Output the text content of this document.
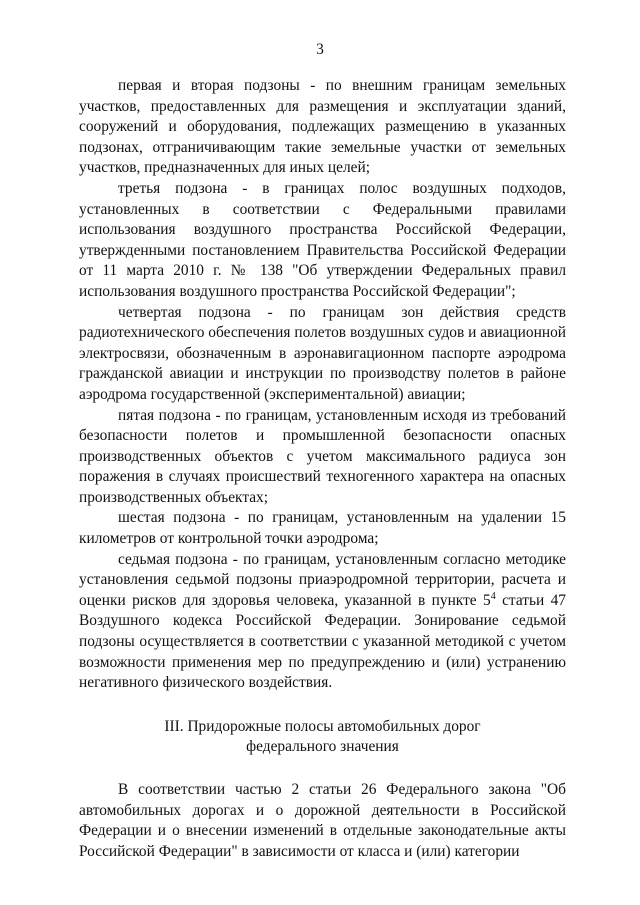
3

первая и вторая подзоны - по внешним границам земельных участков, предоставленных для размещения и эксплуатации зданий, сооружений и оборудования, подлежащих размещению в указанных подзонах, отграничивающим такие земельные участки от земельных участков, предназначенных для иных целей;

третья подзона - в границах полос воздушных подходов, установленных в соответствии с Федеральными правилами использования воздушного пространства Российской Федерации, утвержденными постановлением Правительства Российской Федерации от 11 марта 2010 г. № 138 "Об утверждении Федеральных правил использования воздушного пространства Российской Федерации";

четвертая подзона - по границам зон действия средств радиотехнического обеспечения полетов воздушных судов и авиационной электросвязи, обозначенным в аэронавигационном паспорте аэродрома гражданской авиации и инструкции по производству полетов в районе аэродрома государственной (экспериментальной) авиации;

пятая подзона - по границам, установленным исходя из требований безопасности полетов и промышленной безопасности опасных производственных объектов с учетом максимального радиуса зон поражения в случаях происшествий техногенного характера на опасных производственных объектах;

шестая подзона - по границам, установленным на удалении 15 километров от контрольной точки аэродрома;

седьмая подзона - по границам, установленным согласно методике установления седьмой подзоны приаэродромной территории, расчета и оценки рисков для здоровья человека, указанной в пункте $5^4$ статьи 47 Воздушного кодекса Российской Федерации. Зонирование седьмой подзоны осуществляется в соответствии с указанной методикой с учетом возможности применения мер по предупреждению и (или) устранению негативного физического воздействия.

III. Придорожные полосы автомобильных дорог
федерального значения

В соответствии частью 2 статьи 26 Федерального закона "Об автомобильных дорогах и о дорожной деятельности в Российской Федерации и о внесении изменений в отдельные законодательные акты Российской Федерации" в зависимости от класса и (или) категории
